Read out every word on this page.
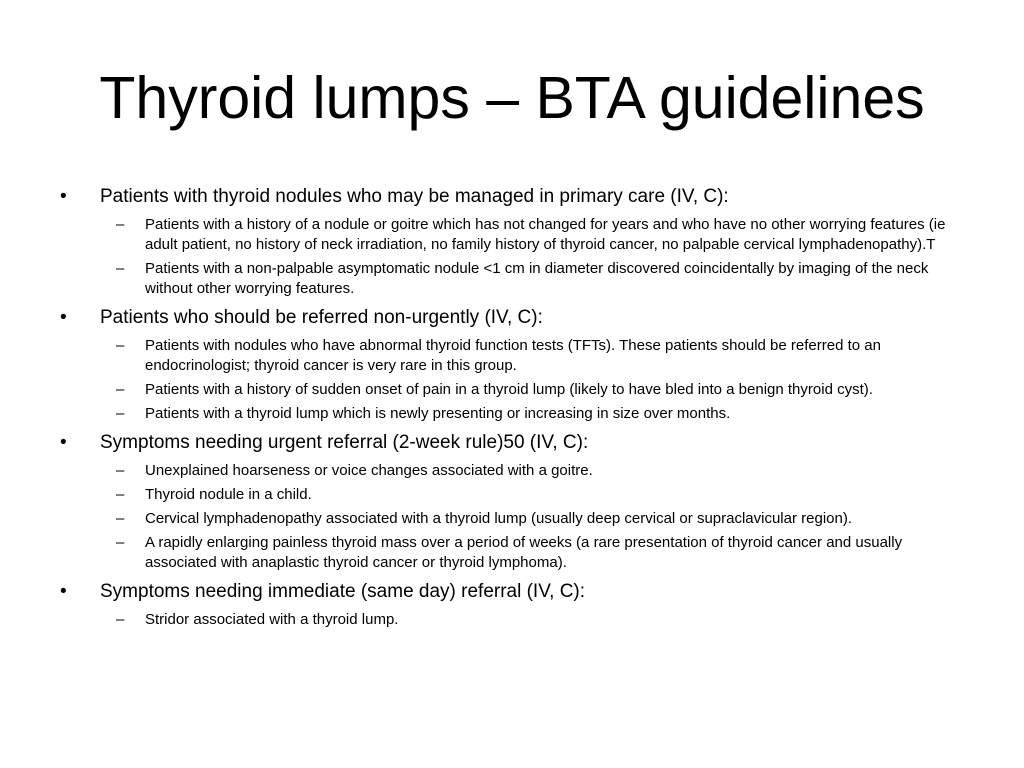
Thyroid lumps – BTA guidelines
• Patients with thyroid nodules who may be managed in primary care (IV, C):
– Patients with a history of a nodule or goitre which has not changed for years and who have no other worrying features (ie adult patient, no history of neck irradiation, no family history of thyroid cancer, no palpable cervical lymphadenopathy).T
– Patients with a non-palpable asymptomatic nodule <1 cm in diameter discovered coincidentally by imaging of the neck without other worrying features.
• Patients who should be referred non-urgently (IV, C):
– Patients with nodules who have abnormal thyroid function tests (TFTs). These patients should be referred to an endocrinologist; thyroid cancer is very rare in this group.
– Patients with a history of sudden onset of pain in a thyroid lump (likely to have bled into a benign thyroid cyst).
– Patients with a thyroid lump which is newly presenting or increasing in size over months.
• Symptoms needing urgent referral (2-week rule)50 (IV, C):
– Unexplained hoarseness or voice changes associated with a goitre.
– Thyroid nodule in a child.
– Cervical lymphadenopathy associated with a thyroid lump (usually deep cervical or supraclavicular region).
– A rapidly enlarging painless thyroid mass over a period of weeks (a rare presentation of thyroid cancer and usually associated with anaplastic thyroid cancer or thyroid lymphoma).
• Symptoms needing immediate (same day) referral (IV, C):
– Stridor associated with a thyroid lump.
